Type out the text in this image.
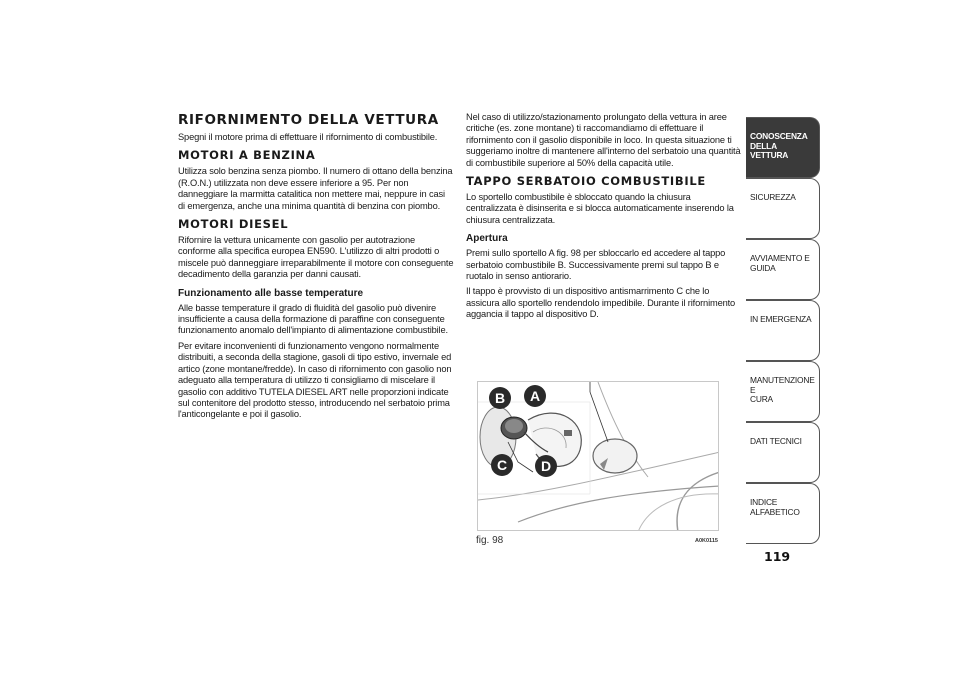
RIFORNIMENTO DELLA VETTURA

Spegni il motore prima di effettuare il rifornimento di combustibile.

MOTORI A BENZINA

Utilizza solo benzina senza piombo. Il numero di ottano della benzina (R.O.N.) utilizzata non deve essere inferiore a 95. Per non danneggiare la marmitta catalitica non mettere mai, neppure in casi di emergenza, anche una minima quantità di benzina con piombo.

MOTORI DIESEL

Rifornire la vettura unicamente con gasolio per autotrazione conforme alla specifica europea EN590. L'utilizzo di altri prodotti o miscele può danneggiare irreparabilmente il motore con conseguente decadimento della garanzia per danni causati.

Funzionamento alle basse temperature

Alle basse temperature il grado di fluidità del gasolio può divenire insufficiente a causa della formazione di paraffine con conseguente funzionamento anomalo dell'impianto di alimentazione combustibile.

Per evitare inconvenienti di funzionamento vengono normalmente distribuiti, a seconda della stagione, gasoli di tipo estivo, invernale ed artico (zone montane/fredde). In caso di rifornimento con gasolio non adeguato alla temperatura di utilizzo ti consigliamo di miscelare il gasolio con additivo TUTELA DIESEL ART nelle proporzioni indicate sul contenitore del prodotto stesso, introducendo nel serbatoio prima l'anticongelante e poi il gasolio.

Nel caso di utilizzo/stazionamento prolungato della vettura in aree critiche (es. zone montane) ti raccomandiamo di effettuare il rifornimento con il gasolio disponibile in loco. In questa situazione ti suggeriamo inoltre di mantenere all'interno del serbatoio una quantità di combustibile superiore al 50% della capacità utile.

TAPPO SERBATOIO COMBUSTIBILE

Lo sportello combustibile è sbloccato quando la chiusura centralizzata è disinserita e si blocca automaticamente inserendo la chiusura centralizzata.

Apertura

Premi sullo sportello A fig. 98 per sbloccarlo ed accedere al tappo serbatoio combustibile B. Successivamente premi sul tappo B e ruotalo in senso antiorario.

Il tappo è provvisto di un dispositivo antismarrimento C che lo assicura allo sportello rendendolo impedibile. Durante il rifornimento aggancia il tappo al dispositivo D.

B A
C D
fig. 98	A0K0115
CONOSCENZA
DELLA VETTURA
SICUREZZA
AVVIAMENTO E
GUIDA
IN EMERGENZA
MANUTENZIONE E
CURA
DATI TECNICI
INDICE ALFABETICO
119
